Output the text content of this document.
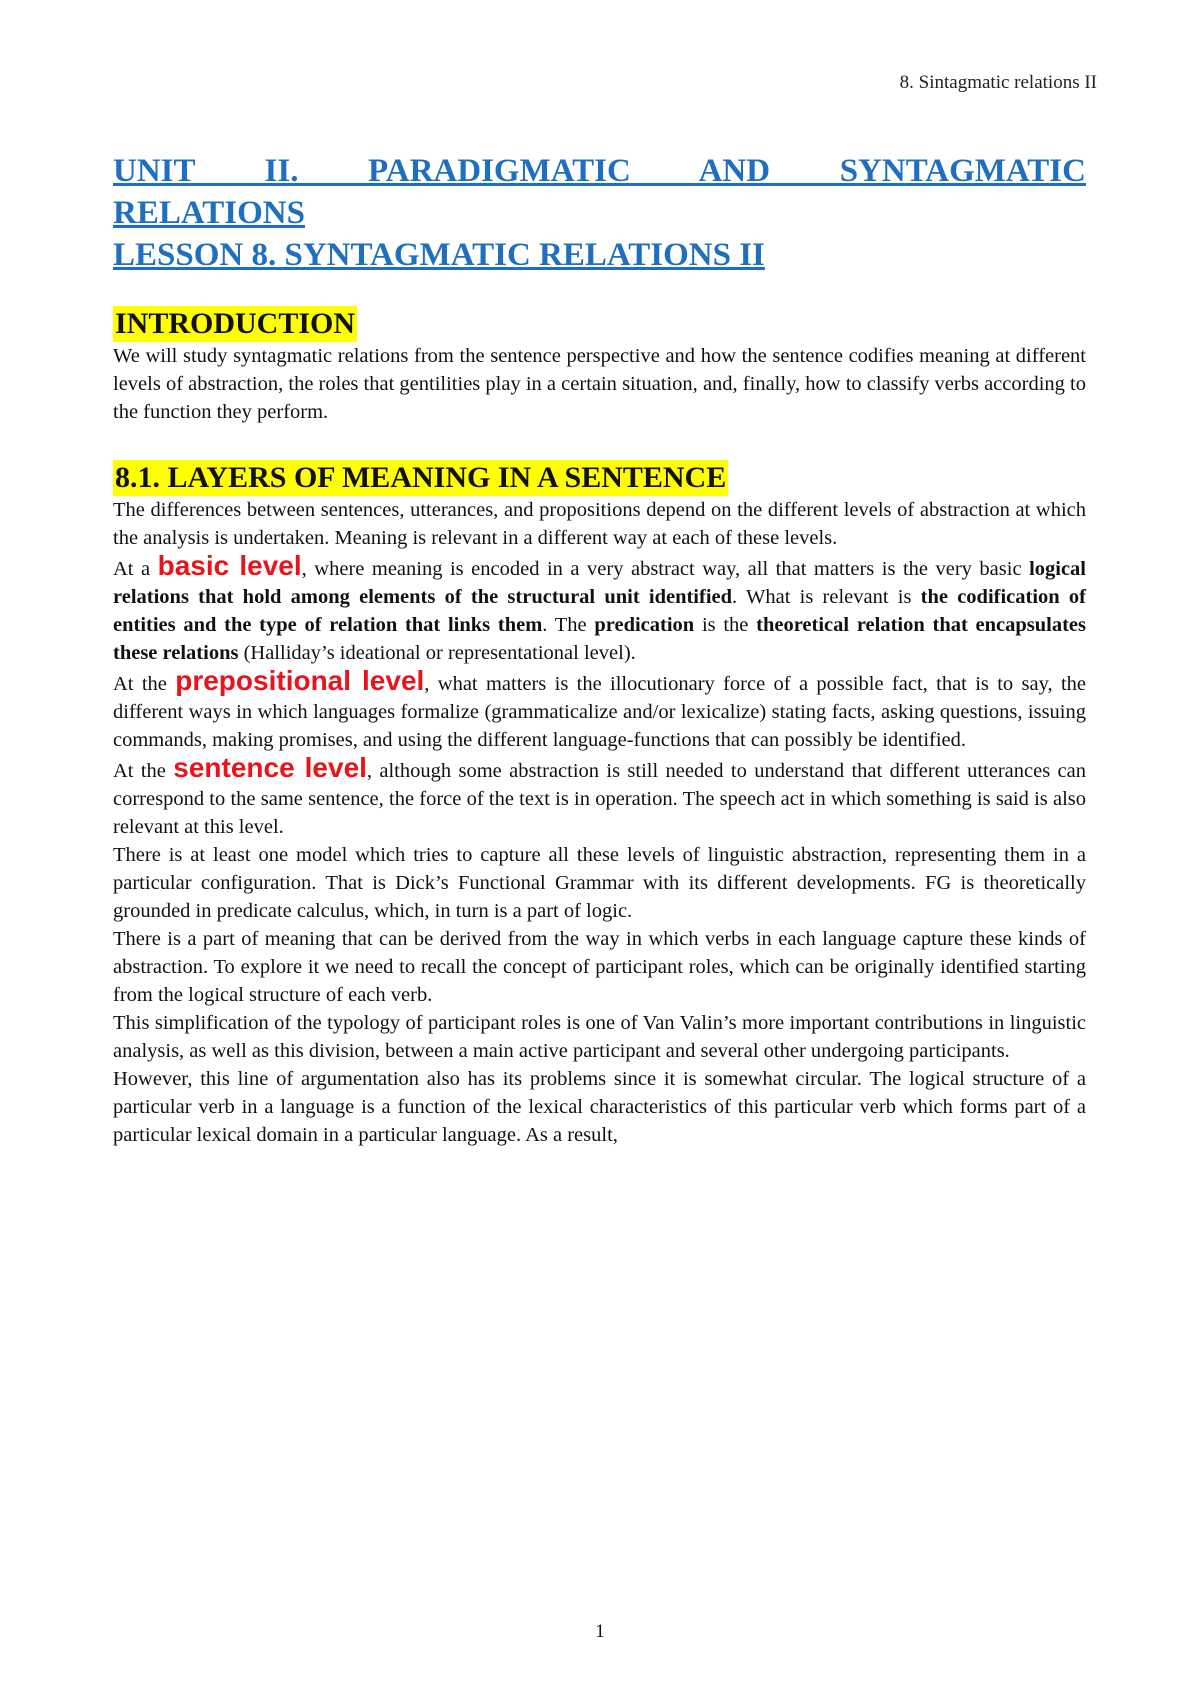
8. Sintagmatic relations II
UNIT II. PARADIGMATIC AND SYNTAGMATIC
RELATIONS
LESSON 8. SYNTAGMATIC RELATIONS II
INTRODUCTION

We will study syntagmatic relations from the sentence perspective and how the sentence codifies meaning at different levels of abstraction, the roles that gentilities play in a certain situation, and, finally, how to classify verbs according to the function they perform.

8.1. LAYERS OF MEANING IN A SENTENCE

The differences between sentences, utterances, and propositions depend on the different levels of abstraction at which the analysis is undertaken. Meaning is relevant in a different way at each of these levels.

At a basic level, where meaning is encoded in a very abstract way, all that matters is the very basic logical relations that hold among elements of the structural unit identified. What is relevant is the codification of entities and the type of relation that links them. The predication is the theoretical relation that encapsulates these relations (Halliday’s ideational or representational level).

At the prepositional level, what matters is the illocutionary force of a possible fact, that is to say, the different ways in which languages formalize (grammaticalize and/or lexicalize) stating facts, asking questions, issuing commands, making promises, and using the different language-functions that can possibly be identified.

At the sentence level, although some abstraction is still needed to understand that different utterances can correspond to the same sentence, the force of the text is in operation. The speech act in which something is said is also relevant at this level.

There is at least one model which tries to capture all these levels of linguistic abstraction, representing them in a particular configuration. That is Dick’s Functional Grammar with its different developments. FG is theoretically grounded in predicate calculus, which, in turn is a part of logic.

There is a part of meaning that can be derived from the way in which verbs in each language capture these kinds of abstraction. To explore it we need to recall the concept of participant roles, which can be originally identified starting from the logical structure of each verb.

This simplification of the typology of participant roles is one of Van Valin’s more important contributions in linguistic analysis, as well as this division, between a main active participant and several other undergoing participants.

However, this line of argumentation also has its problems since it is somewhat circular. The logical structure of a particular verb in a language is a function of the lexical characteristics of this particular verb which forms part of a particular lexical domain in a particular language. As a result,

1
